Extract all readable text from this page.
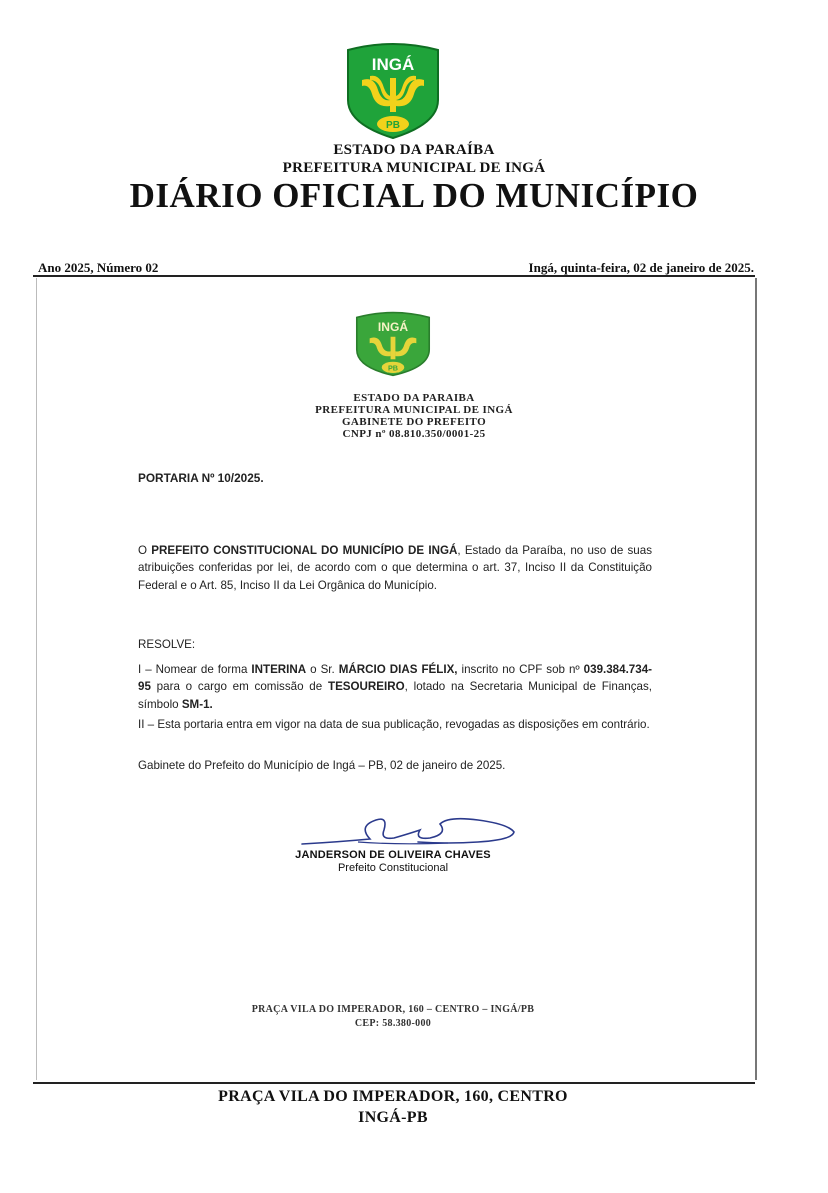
INGÁ
PB
ESTADO DA PARAÍBA
PREFEITURA MUNICIPAL DE INGÁ
DIÁRIO OFICIAL DO MUNICÍPIO
Ano 2025, Número 02	Ingá, quinta-feira, 02 de janeiro de 2025.
INGÁ
PB
ESTADO DA PARAIBA
PREFEITURA MUNICIPAL DE INGÁ
GABINETE DO PREFEITO
CNPJ nº 08.810.350/0001-25
PORTARIA Nº 10/2025.
O PREFEITO CONSTITUCIONAL DO MUNICÍPIO DE INGÁ, Estado da Paraíba, no uso de suas atribuições conferidas por lei, de acordo com o que determina o art. 37, Inciso II da Constituição Federal e o Art. 85, Inciso II da Lei Orgânica do Município.
RESOLVE:
I – Nomear de forma INTERINA o Sr. MÁRCIO DIAS FÉLIX, inscrito no CPF sob nº 039.384.734-95 para o cargo em comissão de TESOUREIRO, lotado na Secretaria Municipal de Finanças, símbolo SM-1.
II – Esta portaria entra em vigor na data de sua publicação, revogadas as disposições em contrário.
Gabinete do Prefeito do Município de Ingá – PB, 02 de janeiro de 2025.
JANDERSON DE OLIVEIRA CHAVES
Prefeito Constitucional
PRAÇA VILA DO IMPERADOR, 160 – CENTRO – INGÁ/PB
CEP: 58.380-000
PRAÇA VILA DO IMPERADOR, 160, CENTRO
INGÁ-PB
